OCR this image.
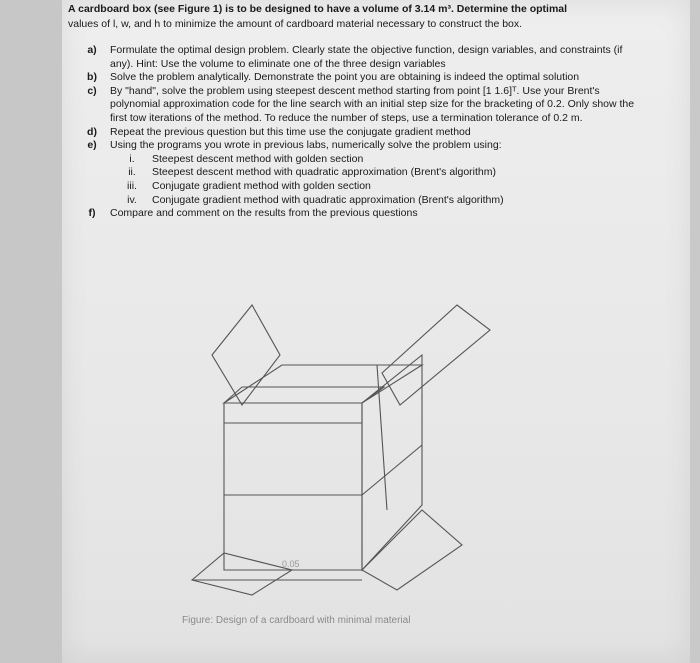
A cardboard box (see Figure 1) is to be designed to have a volume of 3.14 m³. Determine the optimal
values of l, w, and h to minimize the amount of cardboard material necessary to construct the box.
a)	Formulate the optimal design problem. Clearly state the objective function, design variables, and constraints (if any). Hint: Use the volume to eliminate one of the three design variables
b)	Solve the problem analytically. Demonstrate the point you are obtaining is indeed the optimal solution
c)	By "hand", solve the problem using steepest descent method starting from point [1 1.6]ᵀ. Use your Brent's polynomial approximation code for the line search with an initial step size for the bracketing of 0.2. Only show the first tow iterations of the method. To reduce the number of steps, use a termination tolerance of 0.2 m.
d)	Repeat the previous question but this time use the conjugate gradient method
e)	Using the programs you wrote in previous labs, numerically solve the problem using:
i.	Steepest descent method with golden section
ii.	Steepest descent method with quadratic approximation (Brent's algorithm)
iii.	Conjugate gradient method with golden section
iv.	Conjugate gradient method with quadratic approximation (Brent's algorithm)
f)	Compare and comment on the results from the previous questions
0.05
Figure: Design of a cardboard with minimal material
